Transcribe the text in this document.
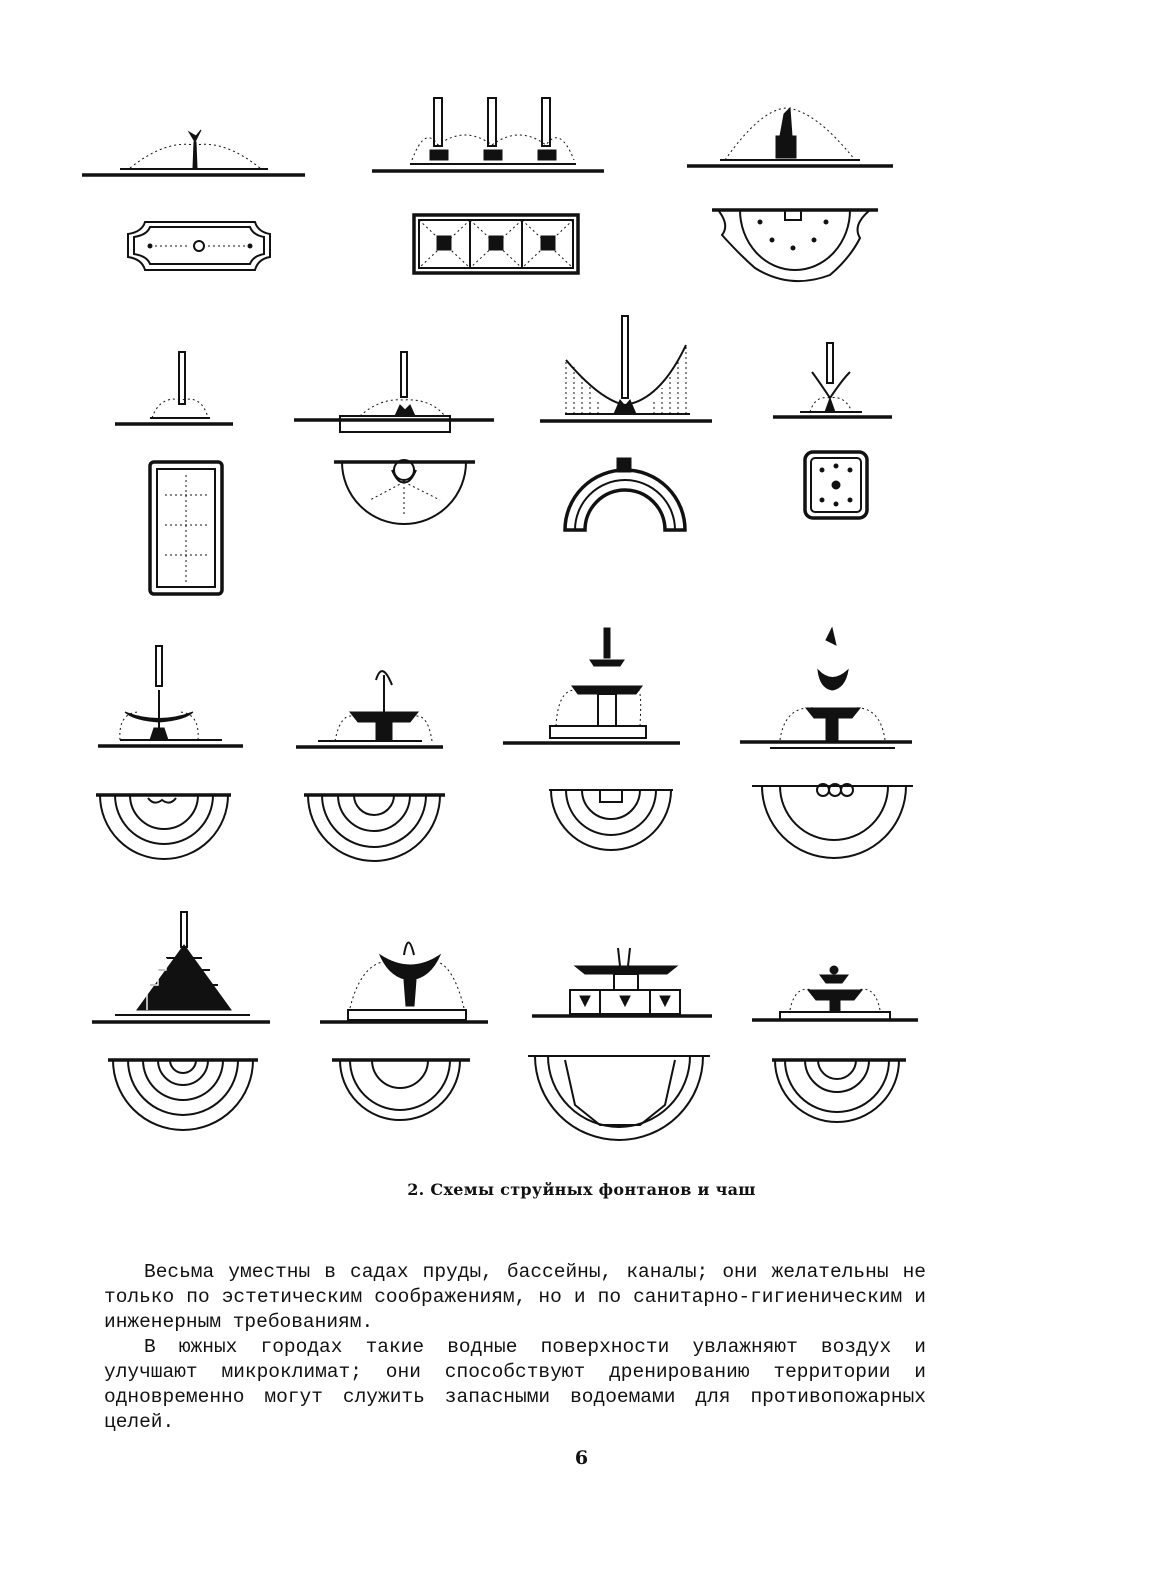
2. Схемы струйных фонтанов и чаш

Весьма уместны в садах пруды, бассейны, каналы; они желательны не только по эстетическим соображениям, но и по санитарно-гигиеническим и инженерным требованиям.

В южных городах такие водные поверхности увлажняют воздух и улучшают микроклимат; они способствуют дренированию территории и одновременно могут служить запасными водоемами для противопожарных целей.

6
